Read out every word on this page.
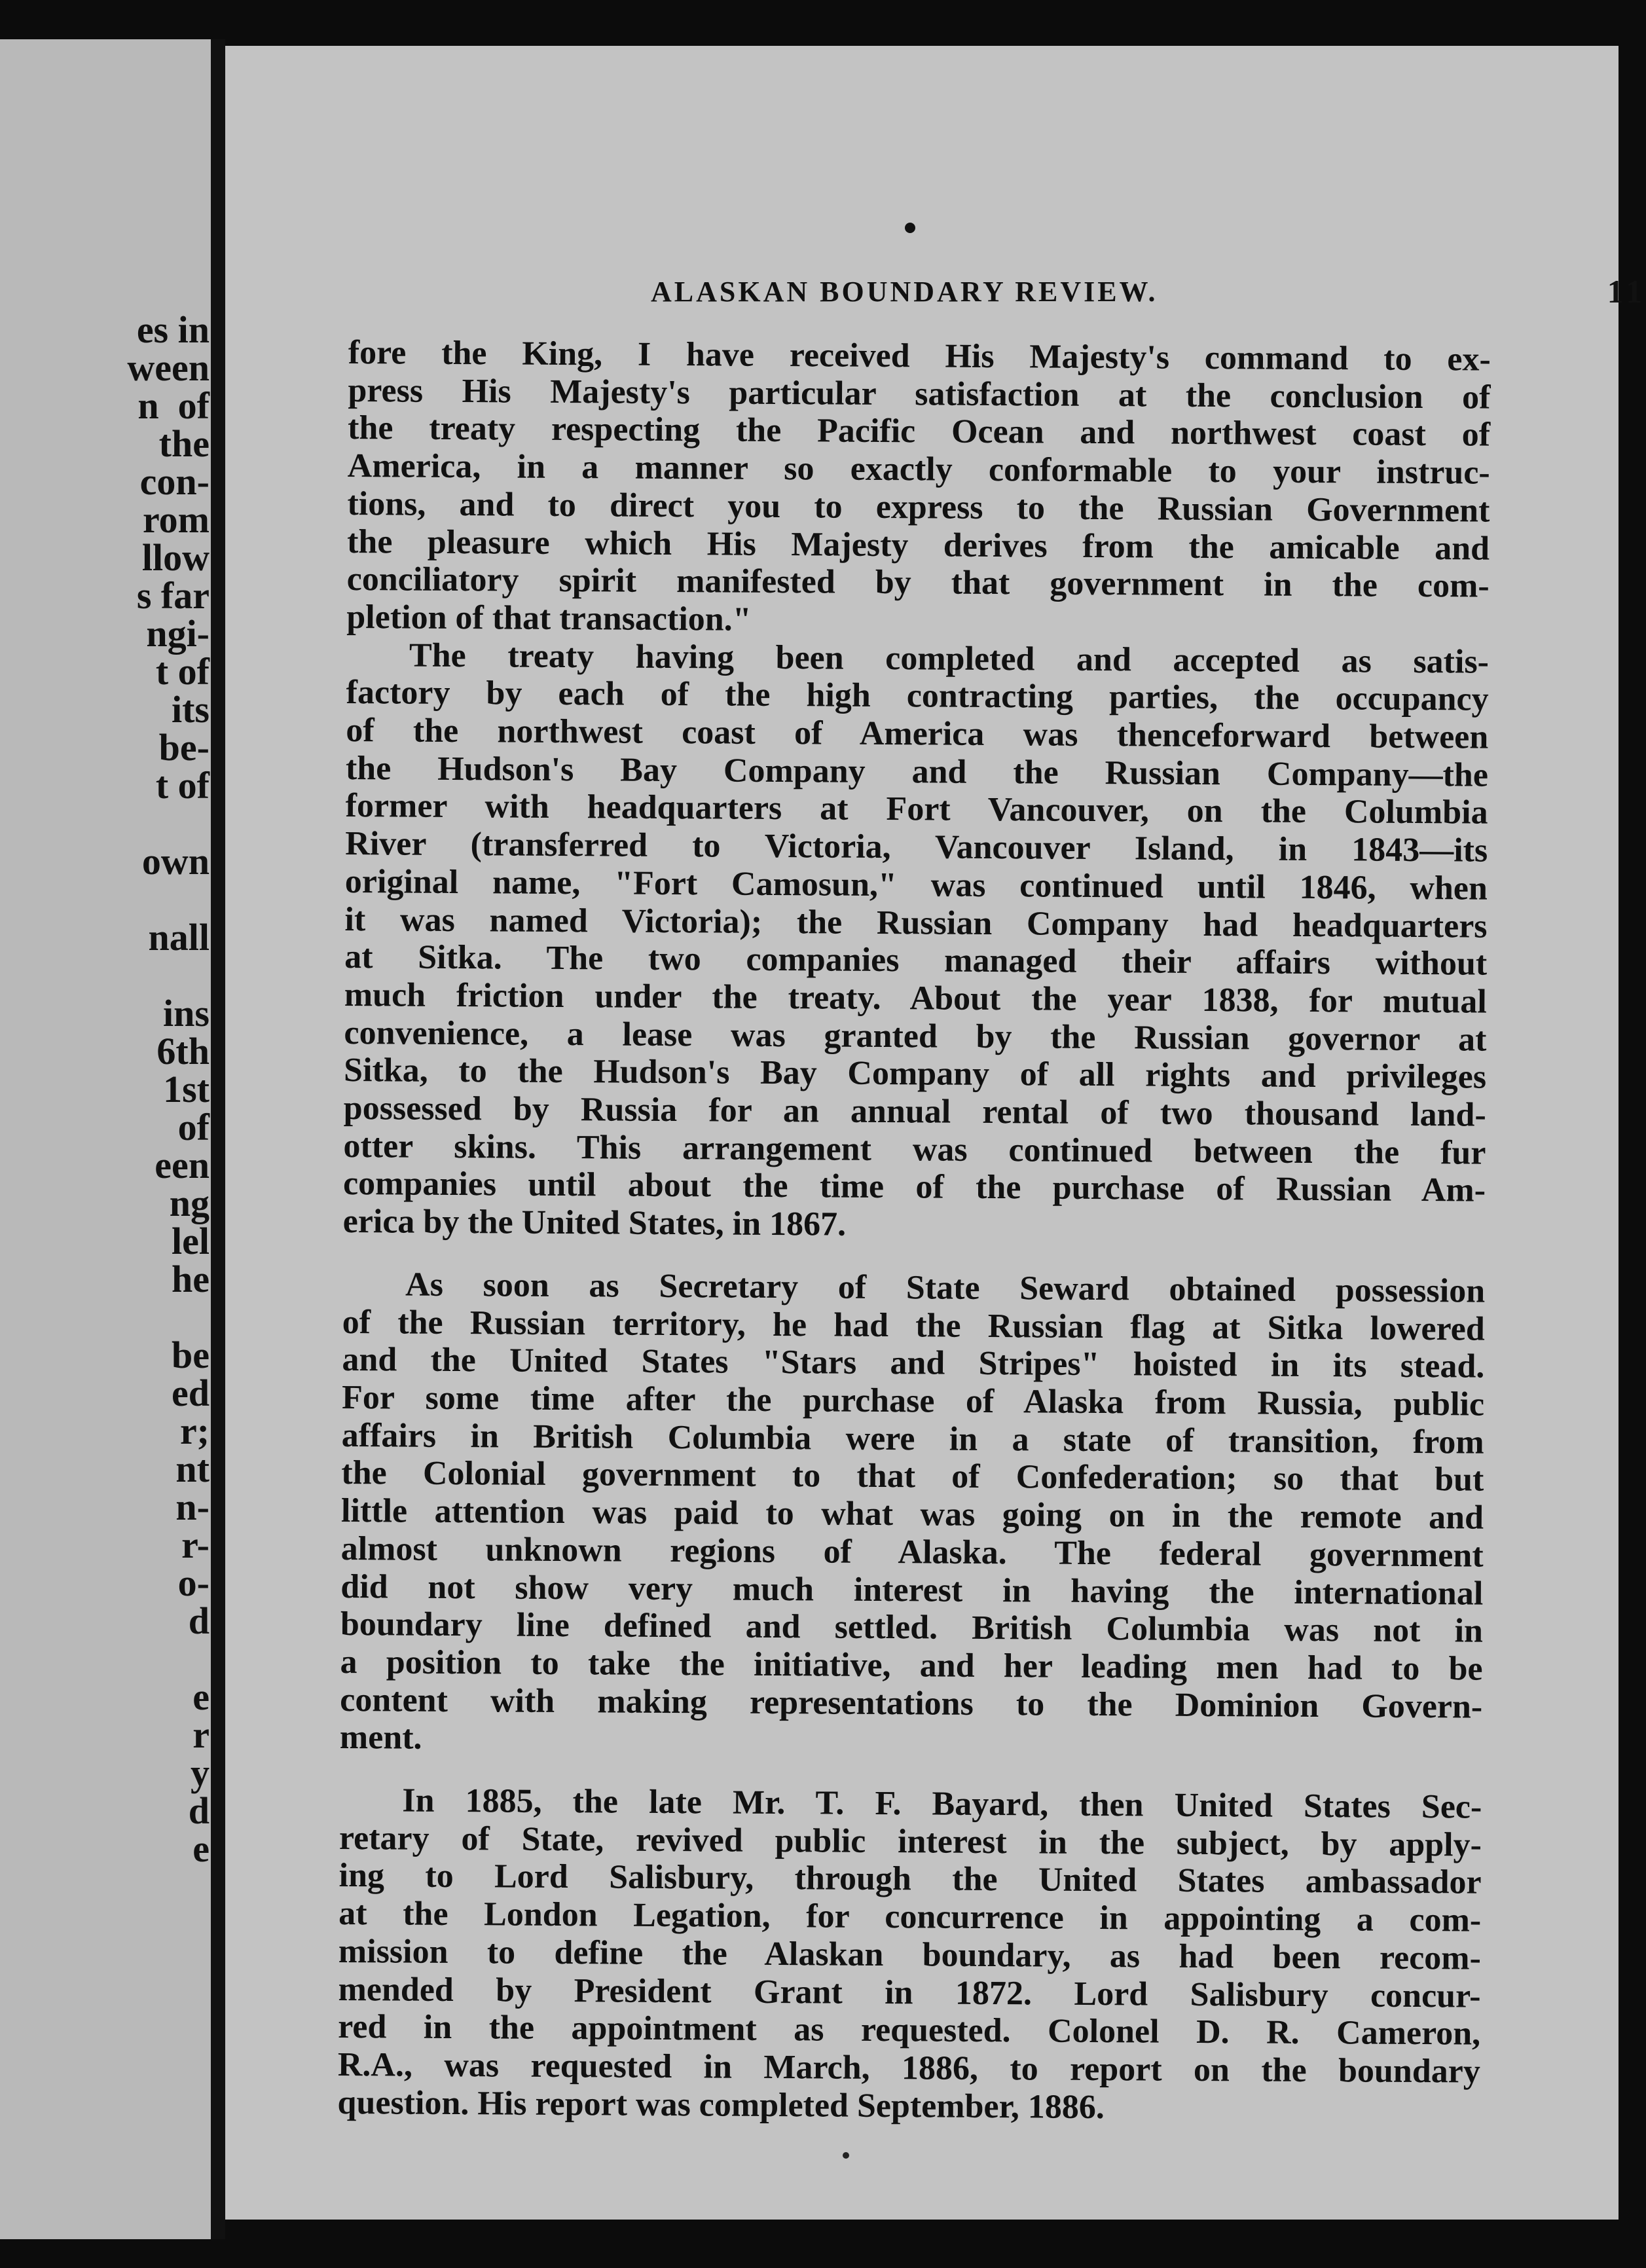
es in
ween
n  of
the
con-
rom
llow
s far
ngi-
t of
its
be-
t of
own
nall
ins
6th
1st
of
een
ng
lel
he
be
ed
r;
nt
n-
r-
o-
d
e
r
y
d
e
ALASKAN BOUNDARY REVIEW.	11

fore the King, I have received His Majesty's command to ex-

press His Majesty's particular satisfaction at the conclusion of

the treaty respecting the Pacific Ocean and northwest coast of

America, in a manner so exactly conformable to your instruc-

tions, and to direct you to express to the Russian Government

the pleasure which His Majesty derives from the amicable and

conciliatory spirit manifested by that government in the com-

pletion of that transaction."

The treaty having been completed and accepted as satis-

factory by each of the high contracting parties, the occupancy

of the northwest coast of America was thenceforward between

the Hudson's Bay Company and the Russian Company—the

former with headquarters at Fort Vancouver, on the Columbia

River (transferred to Victoria, Vancouver Island, in 1843—its

original name, "Fort Camosun," was continued until 1846, when

it was named Victoria); the Russian Company had headquarters

at Sitka. The two companies managed their affairs without

much friction under the treaty. About the year 1838, for mutual

convenience, a lease was granted by the Russian governor at

Sitka, to the Hudson's Bay Company of all rights and privileges

possessed by Russia for an annual rental of two thousand land-

otter skins. This arrangement was continued between the fur

companies until about the time of the purchase of Russian Am-

erica by the United States, in 1867.

As soon as Secretary of State Seward obtained possession

of the Russian territory, he had the Russian flag at Sitka lowered

and the United States "Stars and Stripes" hoisted in its stead.

For some time after the purchase of Alaska from Russia, public

affairs in British Columbia were in a state of transition, from

the Colonial government to that of Confederation; so that but

little attention was paid to what was going on in the remote and

almost unknown regions of Alaska. The federal government

did not show very much interest in having the international

boundary line defined and settled. British Columbia was not in

a position to take the initiative, and her leading men had to be

content with making representations to the Dominion Govern-

ment.

In 1885, the late Mr. T. F. Bayard, then United States Sec-

retary of State, revived public interest in the subject, by apply-

ing to Lord Salisbury, through the United States ambassador

at the London Legation, for concurrence in appointing a com-

mission to define the Alaskan boundary, as had been recom-

mended by President Grant in 1872. Lord Salisbury concur-

red in the appointment as requested. Colonel D. R. Cameron,

R.A., was requested in March, 1886, to report on the boundary

question. His report was completed September, 1886.
